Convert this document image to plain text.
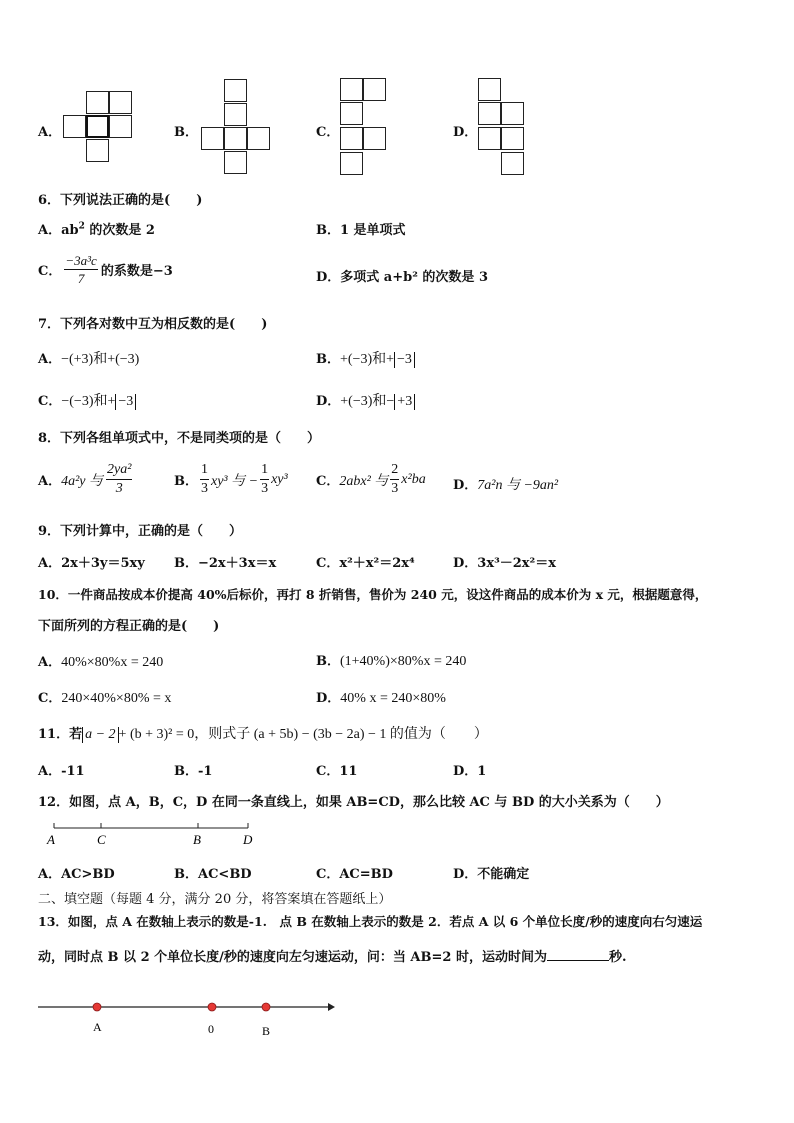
A．	B．	C．	D．
6．下列说法正确的是(　　)
A．$ab^2$ 的次数是 2	B．1 是单项式
C． $\frac{\text{−3a³c}}{7}$ 的系数是−3	D．多项式 a+b² 的次数是 3
7．下列各对数中互为相反数的是(　　)
A．−(+3)和+(−3)	B．+(−3)和+ −3
C．−(−3)和+ −3	D．+(−3)和− +3
8．下列各组单项式中，不是同类项的是（　　）
A． 4a²y 与 $\frac{\text{2ya²}}{3}$	B． $\frac{1}{3} xy^3$ 与 − $\frac{1}{3} xy^3$ C． 2abx² 与 $\frac{2}{3} x^2ba$ D．7a²n 与 −9an²
9．下列计算中，正确的是（　　）
A．2x＋3y＝5xy B．−2x＋3x＝x	C．x²＋x²＝2x⁴	D．3x³－2x²＝x
10．一件商品按成本价提高 40%后标价，再打 8 折销售，售价为 240 元，设这件商品的成本价为 x 元，根据题意得，
下面所列的方程正确的是(　　)
A．40%×80%x = 240	B．(1+40%)×80%x = 240
C．240×40%×80% = x	D．40% x = 240×80%
11．若 a − 2 + (b + 3)² = 0，则式子 (a + 5b) − (3b − 2a) − 1 的值为（　　）
A．-11	B．-1	C．11	D．1
12．如图，点 A，B，C，D 在同一条直线上，如果 AB=CD，那么比较 AC 与 BD 的大小关系为（　　）
A	C	B	D
A．AC>BD	B．AC<BD	C．AC=BD	D．不能确定
二、填空题（每题 4 分，满分 20 分，将答案填在答题纸上）
13．如图，点 A 在数轴上表示的数是-1.　点 B 在数轴上表示的数是 2．若点 A 以 6 个单位长度/秒的速度向右匀速运
动，同时点 B 以 2 个单位长度/秒的速度向左匀速运动，问：当 AB=2 时，运动时间为	秒.
A	0	B
